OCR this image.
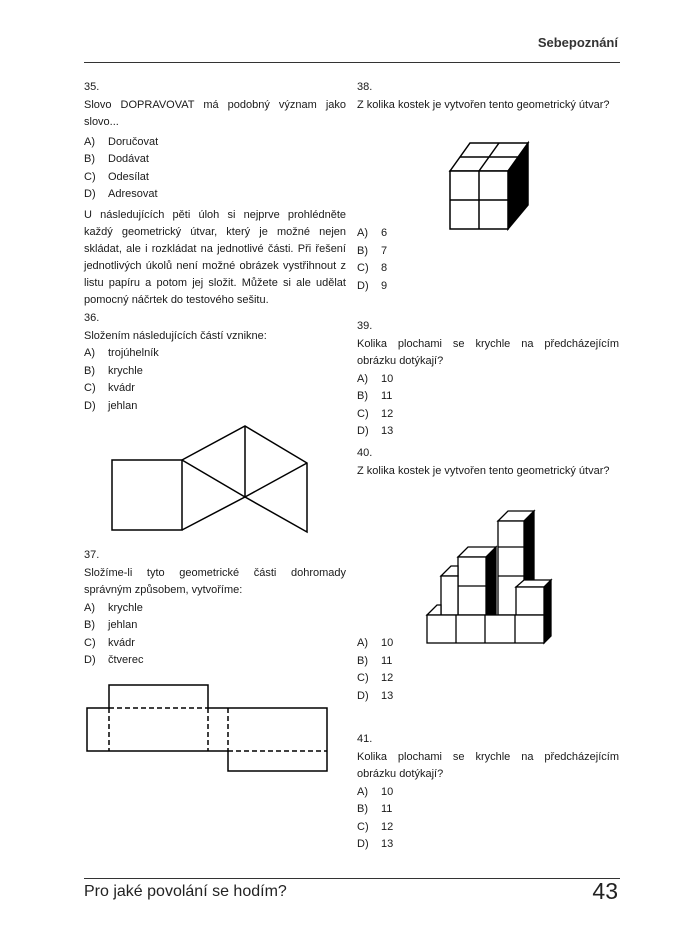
Sebepoznání
35.

Slovo DOPRAVOVAT má podobný význam jako slovo...

A)	Doručovat
B)	Dodávat
C)	Odesílat
D)	Adresovat
U následujících pěti úloh si nejprve prohlédněte každý geometrický útvar, který je možné nejen skládat, ale i rozkládat na jednotlivé části. Při řešení jednotlivých úkolů není možné obrázek vystřihnout z listu papíru a potom jej složit. Můžete si ale udělat pomocný náčrtek do testového sešitu.
36.

Složením následujících částí vznikne:

A)	trojúhelník
B)	krychle
C)	kvádr
D)	jehlan
37.

Složíme-li tyto geometrické části dohromady správným způsobem, vytvoříme:

A)	krychle
B)	jehlan
C)	kvádr
D)	čtverec
38.

Z kolika kostek je vytvořen tento geometrický útvar?

A)	6
B)	7
C)	8
D)	9
39.

Kolika plochami se krychle na předcházejícím obrázku dotýkají?

A)	10
B)	11
C)	12
D)	13
40.

Z kolika kostek je vytvořen tento geometrický útvar?

A)	10
B)	11
C)	12
D)	13
41.

Kolika plochami se krychle na předcházejícím obrázku dotýkají?

A)	10
B)	11
C)	12
D)	13
Pro jaké povolání se hodím?	43
